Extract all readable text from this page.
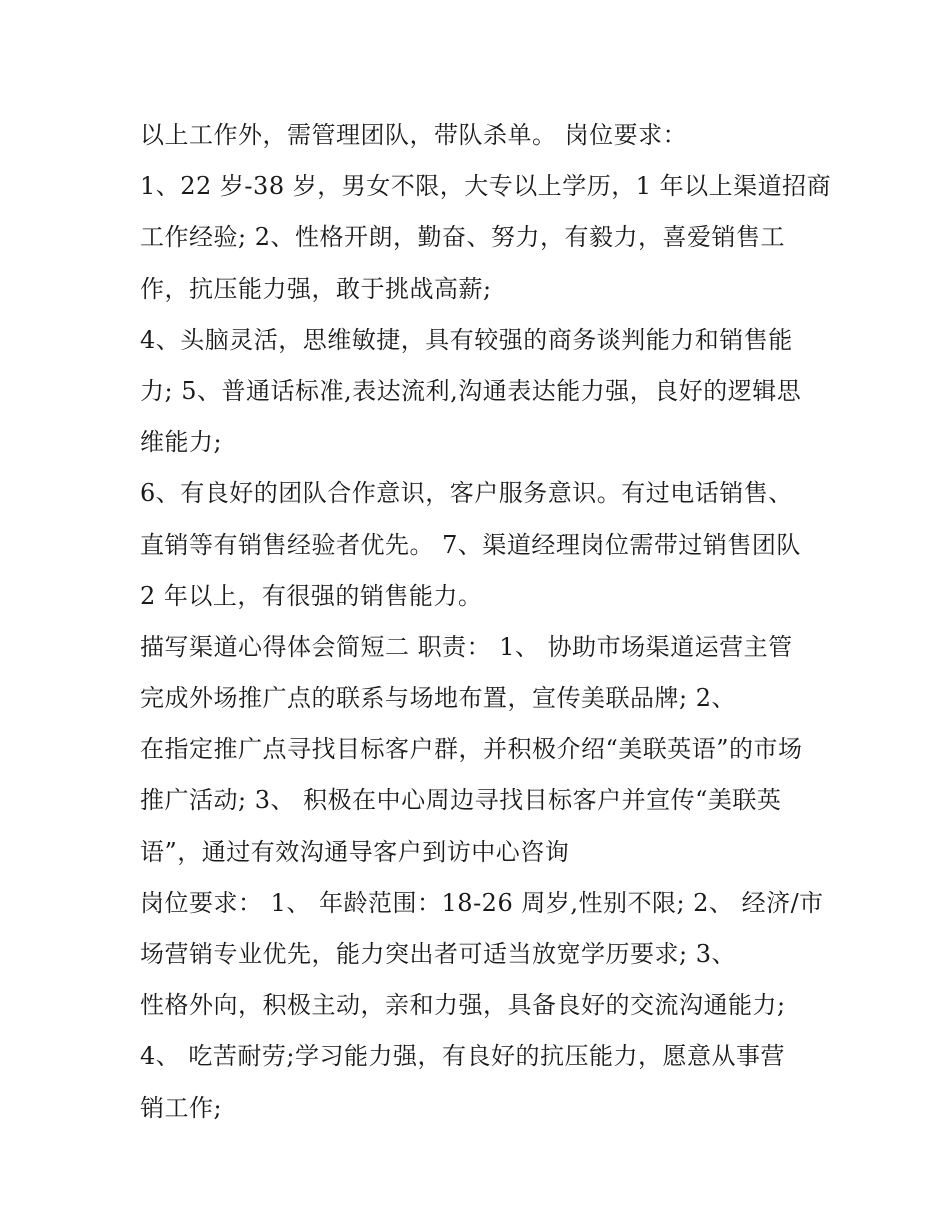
以上工作外，需管理团队，带队杀单。 岗位要求：

1、22 岁-38 岁，男女不限，大专以上学历，1 年以上渠道招商

工作经验; 2、性格开朗，勤奋、努力，有毅力，喜爱销售工

作，抗压能力强，敢于挑战高薪;

4、头脑灵活，思维敏捷，具有较强的商务谈判能力和销售能

力; 5、普通话标准,表达流利,沟通表达能力强，良好的逻辑思

维能力;

6、有良好的团队合作意识，客户服务意识。有过电话销售、

直销等有销售经验者优先。 7、渠道经理岗位需带过销售团队

2 年以上，有很强的销售能力。

描写渠道心得体会简短二 职责： 1、 协助市场渠道运营主管

完成外场推广点的联系与场地布置，宣传美联品牌; 2、

在指定推广点寻找目标客户群，并积极介绍“美联英语”的市场

推广活动; 3、 积极在中心周边寻找目标客户并宣传“美联英

语”，通过有效沟通导客户到访中心咨询

岗位要求： 1、 年龄范围：18-26 周岁,性别不限; 2、 经济/市

场营销专业优先，能力突出者可适当放宽学历要求; 3、

性格外向，积极主动，亲和力强，具备良好的交流沟通能力;

4、 吃苦耐劳;学习能力强，有良好的抗压能力，愿意从事营

销工作;
